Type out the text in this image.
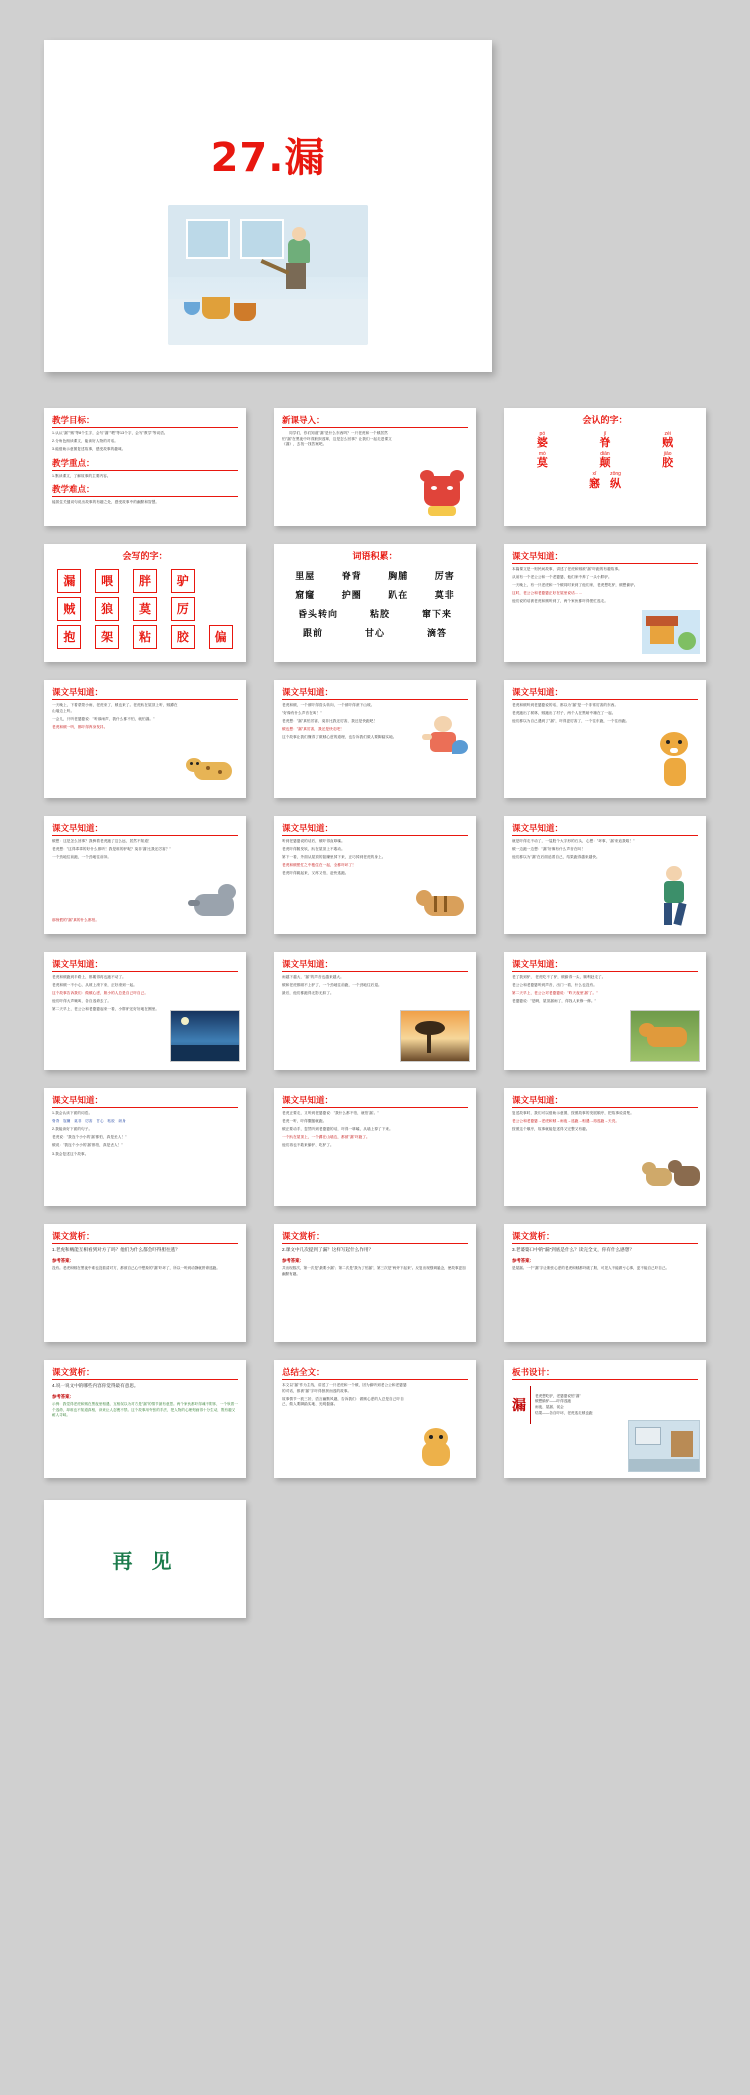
27.漏
教学目标：

1.认认"漏""贼"等8个生字，会写"漏""喂"等13个字，会写"教学"等词语。

2.分角色朗读课文，能读好人物的对话。

3.能借助示意图复述故事，感受故事的趣味。

教学重点：

1.默读课文，了解故事的主要内容。

教学难点：

能抓住关键词句说出故事的有趣之处，感受故事中的幽默和智慧。

新课导入：

同学们，你们知道"漏"是什么东西吗？一只老虎和一个贼居然怕"漏"在黑夜中吓得狼狈逃窜，这是怎么回事？让我们一起走进课文《漏》，去找一找答案吧。

会认的字：
pó
婆
jǐ
脊
zéi
贼
mò
莫
diān
颠
jiāo
胶
xī
窸
zōng
纵
会写的字：
漏	喂	胖	驴
贼	狼	莫	厉
抱	架	粘	胶	偏
词语积累：
里屋	脊背	胸脯	厉害
窟窿	护圈	趴在	莫非
昏头转向	粘胶	窜下来
跟前	甘心	滴答
课文早知道：

本篇课文是一则民间故事，讲述了老虎和贼被"漏"吓跑的有趣故事。

从前有一个老公公和一个老婆婆，他们家中养了一头小胖驴。

一天晚上，有一只老虎和一个贼同时来到了他们家，老虎想吃驴，贼想偷驴。

这时，老公公和老婆婆正好在屋里说话……

他们说的话被老虎和贼听到了，两个家伙都吓得慌忙逃走。

课文早知道：

一天晚上，下着蒙蒙小雨，老虎来了，贼也来了。老虎趴在屋顶上听，贼蹲在山墙边上听。

一会儿，只听老婆婆说："听那雨声，我什么都不怕，就怕漏。"

老虎和贼一听，都吓得浑身发抖。

课文早知道：

老虎和贼，一个被吓得昏头转向，一个被吓得滚下山坡。

"好像有什么声音在叫！"

老虎想："漏"真怕厉害，莫非比我还厉害，我还是快跑吧！

贼也想："漏"真厉害，我还是快走吧！

这个故事让我们懂得了做贼心虚的道理，也告诉我们做人要脚踏实地。

课文早知道：

老虎和贼听到老婆婆说的话，都以为"漏"是一个非常厉害的东西。

老虎跑出了树林，贼跑出了村子，两个人在黑暗中撞在了一起。

他们都以为自己遇到了"漏"，吓得更厉害了，一个往东跑，一个往西跑。

课文早知道：

贼想：这是怎么回事？我骑着老虎跑了这么远，居然不知道！

老虎想："这得乖乖的好什么都听！我是谁的驴呢？莫非'漏'比我还厉害？"

一个劲地往前跑，一个劲地往前冲。

那惊慌的"漏"真的什么都怕。

课文早知道：

听到老婆婆说的话后，贼吓得直哆嗦。

老虎吓得腿发软，趴在屋顶上不敢动。

第下一看，外面从屋顶的窟窿里掉下来，正巧掉到老虎的身上。

老虎和贼慌忙之中抱住在一起，全都吓坏了！

老虎吓得跳起来，又疼又怕，赶快逃跑。

课文早知道：

就是吓得走不动了，一屁股个大字形的石头，心想："坏事，'漏'来追我啦！"

贼一边跑一边想："漏"好像有什么声音在叫！

他们都以为"漏"在后面追着自己，结果跑得越来越快。

课文早知道：

老虎和贼跑到半路上，都累得再也跑不动了。

老虎和贼一不小心，从坡上滚下来，正好滚到一起。

这个故事告诉我们：做贼心虚，胆小的人总是自己吓自己。

他们吓得大声喊叫，各自逃命去了。

第二天早上，老公公和老婆婆起来一看，小胖驴还好好地在圈里。

课文早知道：

雨越下越大，"漏"的声音也越来越大。

贼和老虎都顾不上驴了，一个劲地往前跑，一个劲地往后退。

最后，他们都跑得无影无踪了。

课文早知道：

老了我到驴， 老虎吃不了驴，贼偷得一头，顺利赶走了。

老公公和老婆婆听到声音，出门一看，什么也没有。

第二天早上，老公公对老婆婆说："昨天夜里'漏'了。"

老婆婆说："是啊，屋顶漏雨了，得找人来修一修。"

课文早知道：

1.我会认读下面的词语。

脊背　窟窿　莫非　厉害　甘心　粘胶　纵身

2.我能读好下面的句子。

老虎说："我连个小小的'漏'都怕，真是丢人！"

贼说："我连个小小的'漏'都怕，真是丢人！"

3.我会复述这个故事。

课文早知道：

老虎正要走，又听到老婆婆说："我什么都不怕，就怕'漏'。"

老虎一听，吓得撒腿就跑。

贼正要动手，忽然听到老婆婆的话，吓得一哆嗦，从墙上掉了下来。

一个趴在屋顶上，一个蹲在山墙边，都被"漏"吓跑了。

他们再也不敢来偷驴、吃驴了。

课文早知道：

复述故事时，我们可以借助示意图，按照故事的发展顺序，把故事说清楚。

老公公和老婆婆→老虎和贼→雨夜→逃跑→相遇→再逃跑→天亮。

按照这个顺序，故事就能复述得又完整又有趣。

课文赏析：
1.老虎和贼能互相看到对方了吗？他们为什么都会吓得胆往逃？
参考答案：
没有。老虎和贼在黑夜中谁也没看清对方，都被自己心中想象的"漏"吓坏了，所以一听到动静就拼命逃跑。
课文赏析：
2.课文中几次提到了漏？这样写起什么作用？
参考答案：
共出现数次，第一次是"最要小漏"；第二次是"我为了怕漏"，第三次是"两旁下起来"。反复出现强调悬念，使故事更加幽默有趣。
课文赏析：
3.老婆婆口中的"漏"到底是什么？读完全文，你有什么感想？
参考答案：
是屋漏。一个"漏"字让胆怯心虚的老虎和贼都吓破了胆，可见人不能做亏心事，更不能自己吓自己。
课文赏析：
4.说一说文中的哪些内容你觉得最有意思。
参考答案：
示例：我觉得老虎和贼在黑夜里相遇，互相误以为对方是"漏"的情节最有意思。两个家伙都吓得魂不附体，一个驮着一个逃命，却谁也不知道真相，读来让人忍俊不禁。这个故事用夸张的手法，把人物的心理刻画得十分生动，既有趣又耐人寻味。
总结全文：

本文以"漏"作为主线，讲述了一只老虎和一个贼，因为偷听到老公公和老婆婆的对话，都被"漏"字吓得狼狈而逃的故事。

故事情节一波三折，语言幽默风趣，告诉我们：做贼心虚的人总是自己吓自己，做人要脚踏实地、光明磊落。

板书设计：
漏
老虎想吃驴，老婆婆说怕"漏"
贼想偷驴——吓得逃跑
雨夜、屋漏、误会
结果——各自吓坏，老虎逃走贼也跑
再 见
